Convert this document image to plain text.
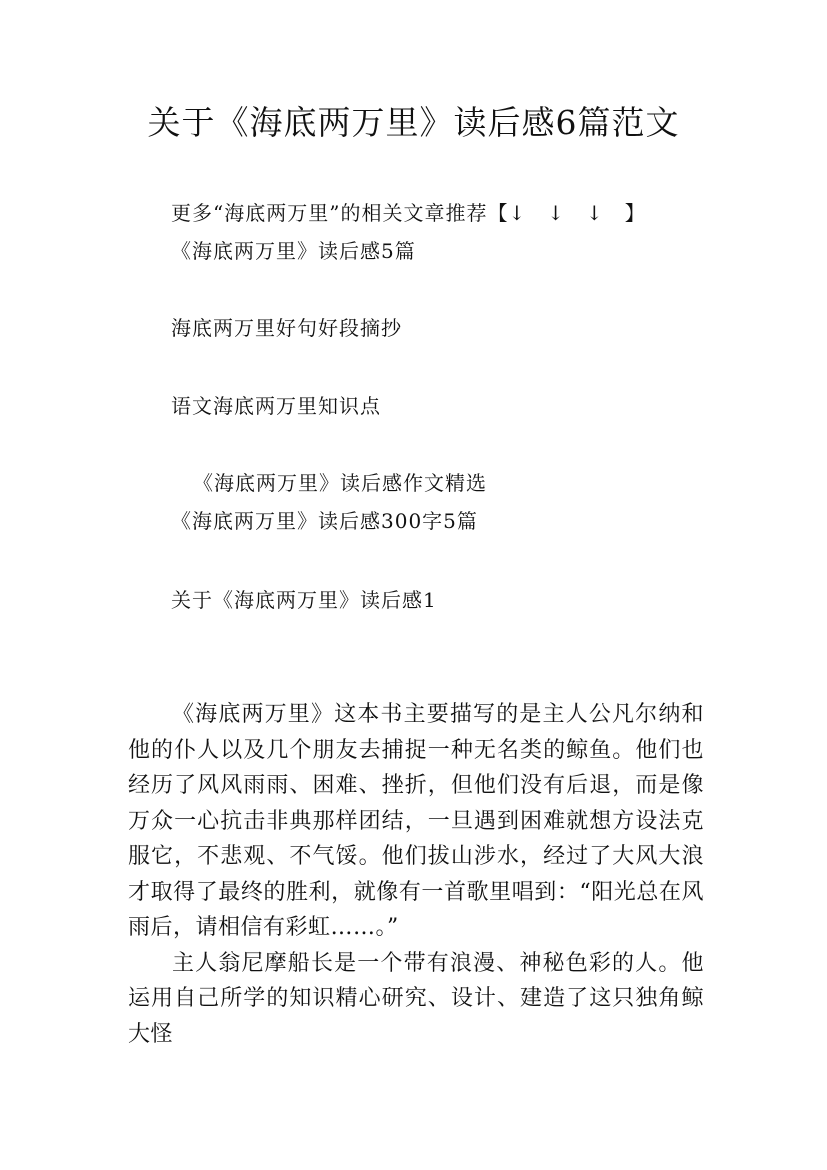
关于《海底两万里》读后感6篇范文
更多“海底两万里”的相关文章推荐【↓　↓　↓　】
《海底两万里》读后感5篇
海底两万里好句好段摘抄
语文海底两万里知识点
《海底两万里》读后感作文精选
《海底两万里》读后感300字5篇
关于《海底两万里》读后感1

《海底两万里》这本书主要描写的是主人公凡尔纳和他的仆人以及几个朋友去捕捉一种无名类的鲸鱼。他们也经历了风风雨雨、困难、挫折，但他们没有后退，而是像万众一心抗击非典那样团结，一旦遇到困难就想方设法克服它，不悲观、不气馁。他们拔山涉水，经过了大风大浪才取得了最终的胜利，就像有一首歌里唱到：“阳光总在风雨后，请相信有彩虹……。”

主人翁尼摩船长是一个带有浪漫、神秘色彩的人。他运用自己所学的知识精心研究、设计、建造了这只独角鲸大怪
